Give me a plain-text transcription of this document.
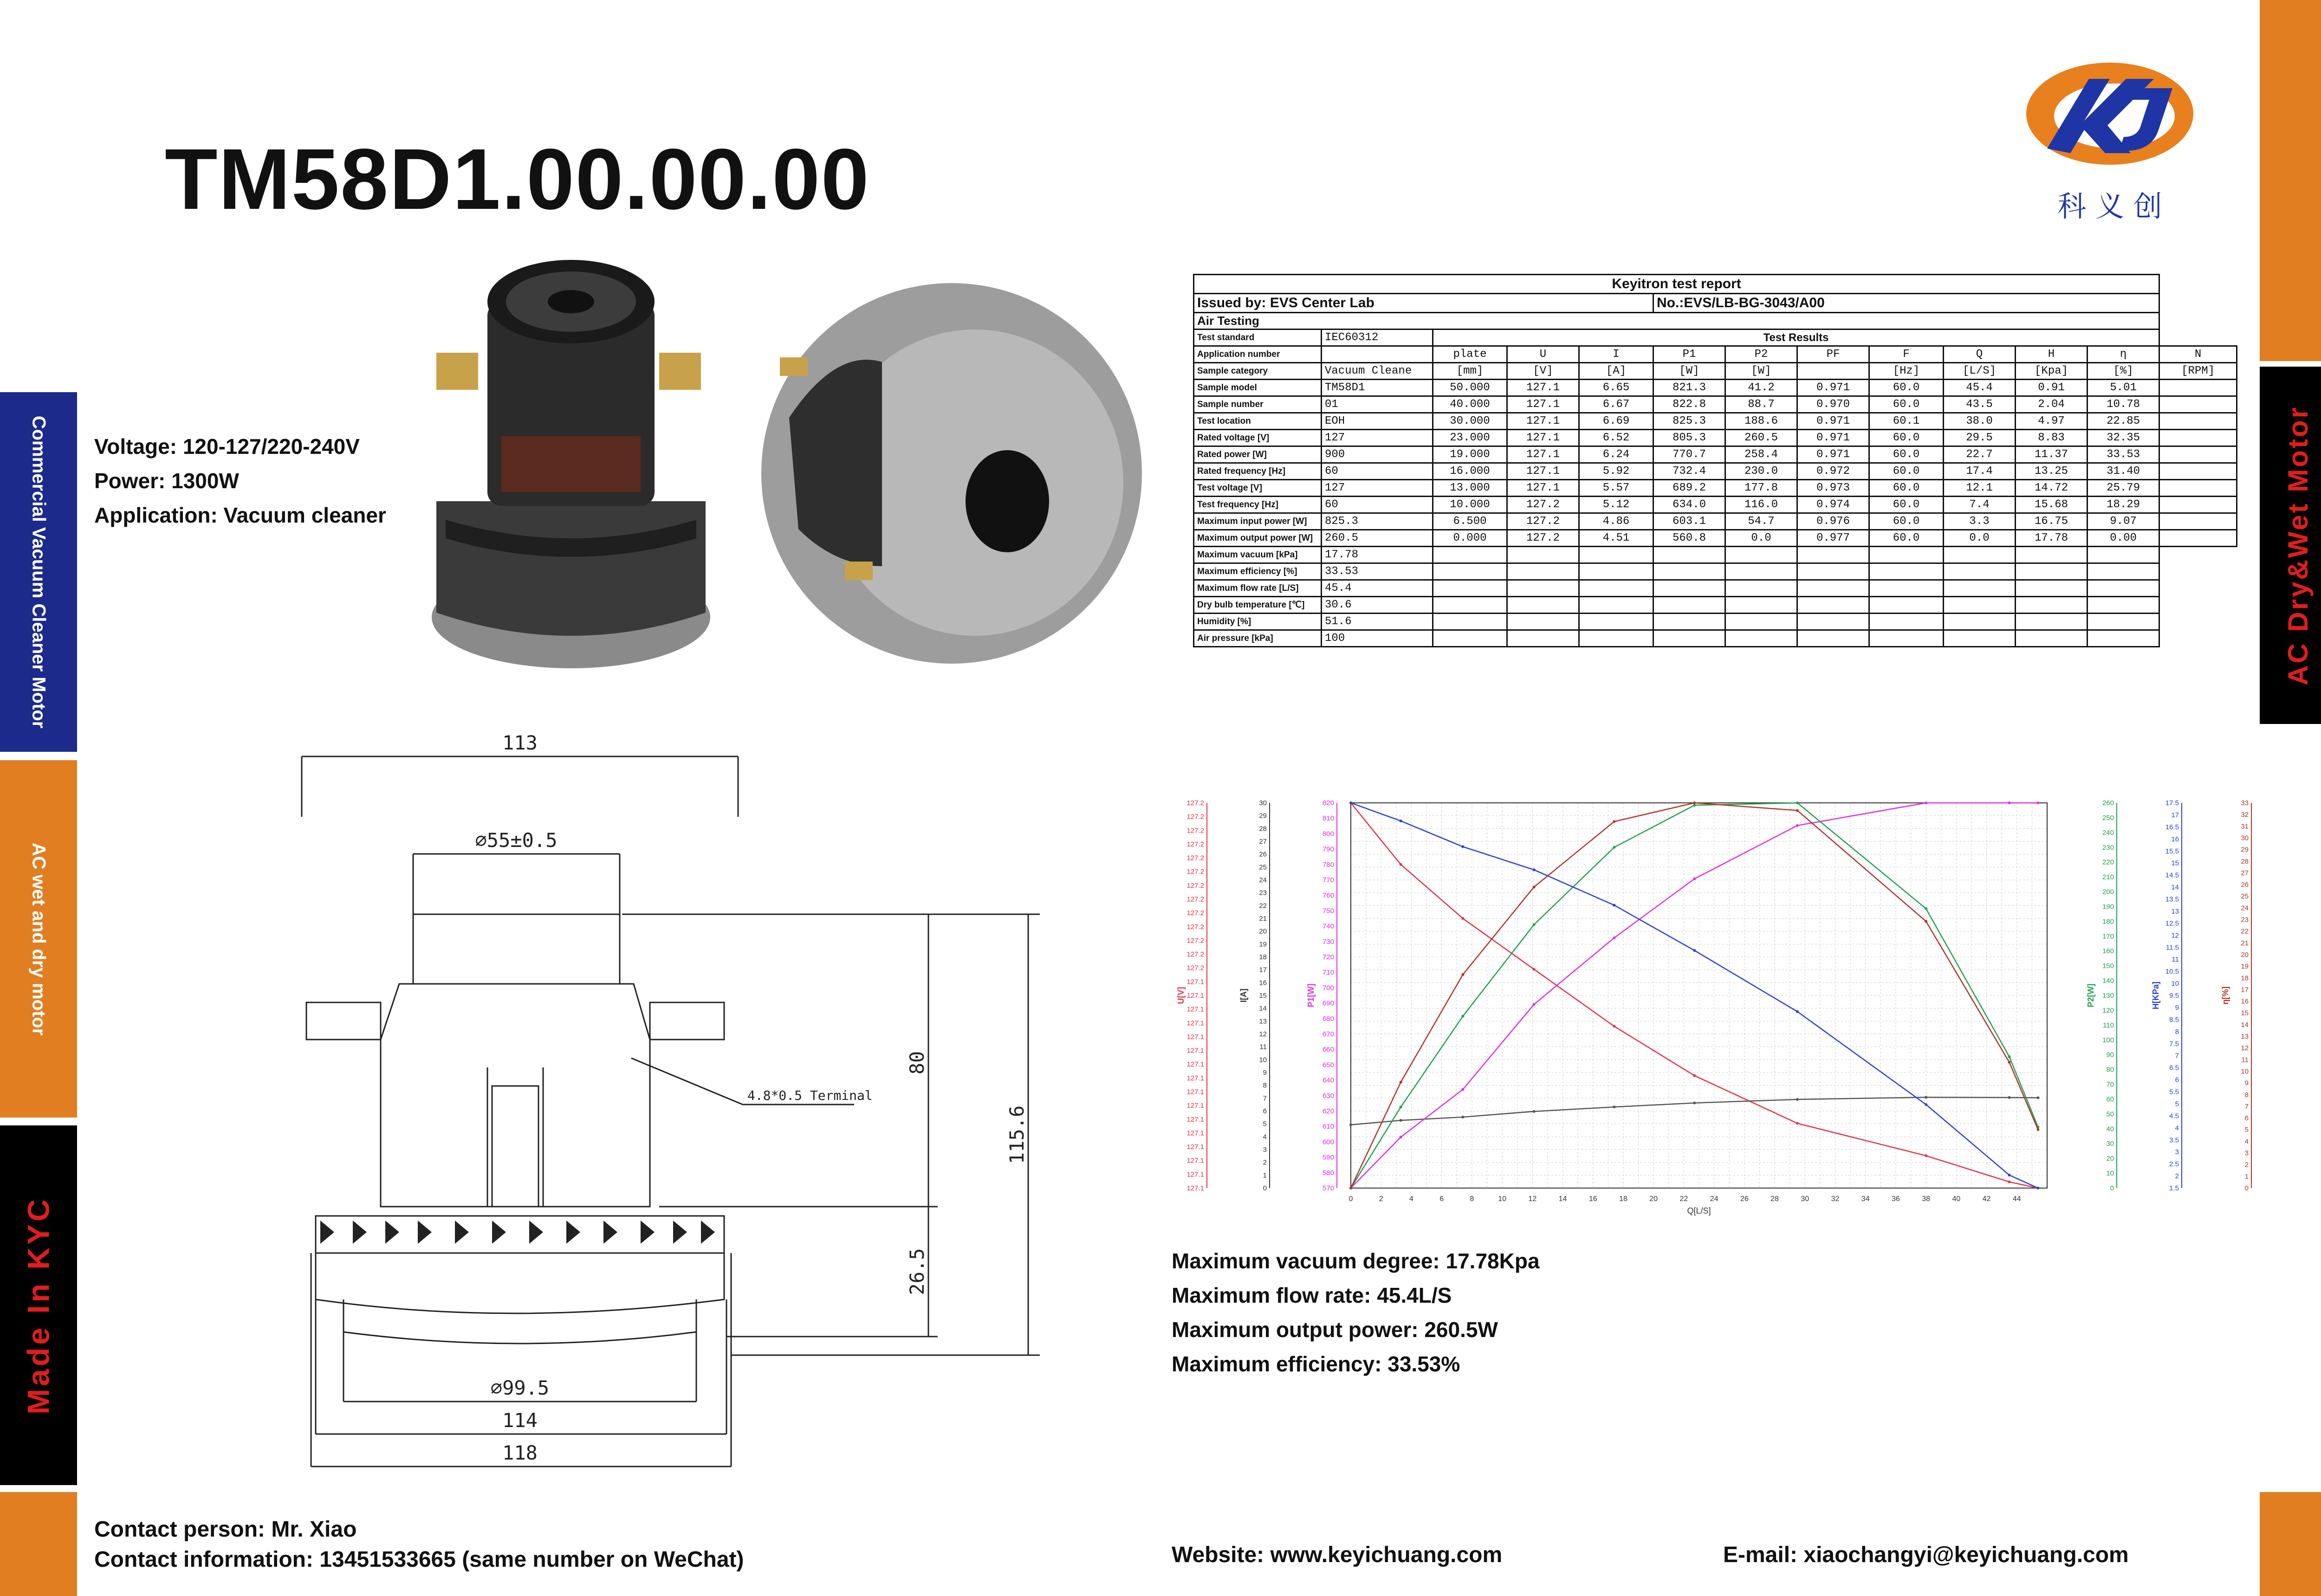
Commercial Vacuum Cleaner Motor
AC wet and dry motor
Made In KYC
AC Dry&Wet Motor
TM58D1.00.00.00	科 义 创
Voltage: 120-127/220-240V
Power: 1300W
Application: Vacuum cleaner
Keyitron test report												
Issued by: EVS Center Lab					No.:EVS/LB-BG-3043/A00							
Air Testing												
Test standard	IEC60312	Test Results										
Application number		plate	U	I	P1	P2	PF	F	Q	H	η	N
Sample category	Vacuum Cleane	[mm]	[V]	[A]	[W]	[W]		[Hz]	[L/S]	[Kpa]	[%]	[RPM]
Sample model	TM58D1	50.000	127.1	6.65	821.3	41.2	0.971	60.0	45.4	0.91	5.01	
Sample number	01	40.000	127.1	6.67	822.8	88.7	0.970	60.0	43.5	2.04	10.78	
Test location	EOH	30.000	127.1	6.69	825.3	188.6	0.971	60.1	38.0	4.97	22.85	
Rated voltage [V]	127	23.000	127.1	6.52	805.3	260.5	0.971	60.0	29.5	8.83	32.35	
Rated power [W]	900	19.000	127.1	6.24	770.7	258.4	0.971	60.0	22.7	11.37	33.53	
Rated frequency [Hz]	60	16.000	127.1	5.92	732.4	230.0	0.972	60.0	17.4	13.25	31.40	
Test voltage [V]	127	13.000	127.1	5.57	689.2	177.8	0.973	60.0	12.1	14.72	25.79	
Test frequency [Hz]	60	10.000	127.2	5.12	634.0	116.0	0.974	60.0	7.4	15.68	18.29	
Maximum input power [W]	825.3	6.500	127.2	4.86	603.1	54.7	0.976	60.0	3.3	16.75	9.07	
Maximum output power [W]	260.5	0.000	127.2	4.51	560.8	0.0	0.977	60.0	0.0	17.78	0.00	
Maximum vacuum [kPa]	17.78											
Maximum efficiency [%]	33.53											
Maximum flow rate [L/S]	45.4											
Dry bulb temperature [℃]	30.6											
Humidity [%]	51.6											
Air pressure [kPa]	100											
113
⌀55±0.5
⌀99.5
114
118
80
26.5
115.6
4.8*0.5 Terminal
0	2	4	6	8	10	12	14	16	18	20	22	24	26	28	30	32	34	36	38	40	42	44
Q[L/S]
127.1
127.1
127.1
127.1
127.1
127.1
127.1
127.1
127.1
127.1
127.1
127.1
127.1
127.1
127.1
127.1
127.2
127.2
127.2
127.2
127.2
127.2
127.2
127.2
127.2
127.2
127.2
127.2
127.2
U[V]
0
1
2
3
4
5
6
7
8
9
10
11
12
13
14
15
16
17
18
19
20
21
22
23
24
25
26
27
28
29
30
I[A]
570
580
590
600
610
620
630
640
650
660
670
680
690
700
710
720
730
740
750
760
770
780
790
800
810
820
P1[W]
0
10
20
30
40
50
60
70
80
90
100
110
120
130
140
150
160
170
180
190
200
210
220
230
240
250
260
P2[W]
1.5
2
2.5
3
3.5
4
4.5
5
5.5
6
6.5
7
7.5
8
8.5
9
9.5
10
10.5
11
11.5
12
12.5
13
13.5
14
14.5
15
15.5
16
16.5
17
17.5
H[KPa]
0
1
2
3
4
5
6
7
8
9
10
11
12
13
14
15
16
17
18
19
20
21
22
23
24
25
26
27
28
29
30
31
32
33
η[%]
Maximum vacuum degree: 17.78Kpa
Maximum flow rate: 45.4L/S
Maximum output power: 260.5W
Maximum efficiency: 33.53%
Contact person: Mr. Xiao
Contact information: 13451533665 (same number on WeChat)	Website: www.keyichuang.com	E-mail: xiaochangyi@keyichuang.com
